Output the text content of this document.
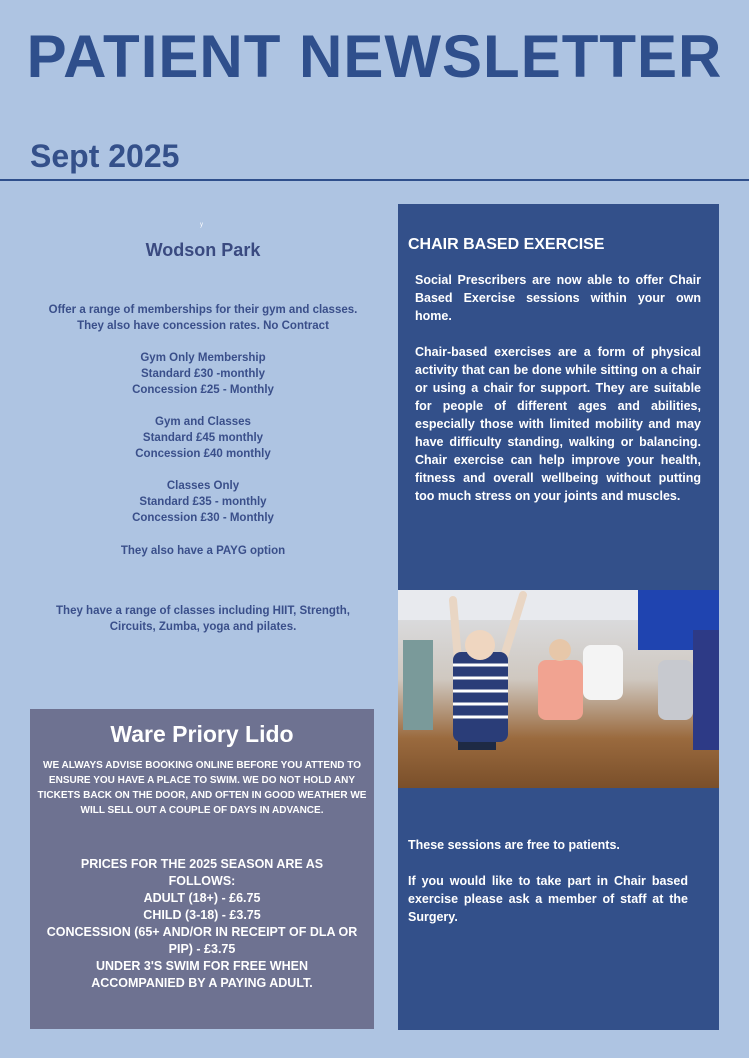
PATIENT NEWSLETTER
Sept 2025
y
Wodson Park
Offer a range of memberships for their gym and classes.
They also have concession rates. No Contract
Gym Only Membership
Standard £30 -monthly
Concession £25 - Monthly
Gym and Classes
Standard £45 monthly
Concession £40 monthly
Classes Only
Standard £35 - monthly
Concession £30 - Monthly
They also have a PAYG option
They have a range of classes including HIIT, Strength,
Circuits, Zumba, yoga and pilates.
CHAIR BASED EXERCISE
Social Prescribers are now able to offer Chair Based Exercise sessions within your own home.
Chair-based exercises are a form of physical activity that can be done while sitting on a chair or using a chair for support. They are suitable for people of different ages and abilities, especially those with limited mobility and may have difficulty standing, walking or balancing. Chair exercise can help improve your health, fitness and overall wellbeing without putting too much stress on your joints and muscles.
These sessions are free to patients.
If you would like to take part in Chair based exercise please ask a member of staff at the Surgery.
Ware Priory Lido
WE ALWAYS ADVISE BOOKING ONLINE BEFORE YOU ATTEND TO ENSURE YOU HAVE A PLACE TO SWIM. WE DO NOT HOLD ANY TICKETS BACK ON THE DOOR, AND OFTEN IN GOOD WEATHER WE WILL SELL OUT A COUPLE OF DAYS IN ADVANCE.
PRICES FOR THE 2025 SEASON ARE AS FOLLOWS:
ADULT (18+) - £6.75
CHILD (3-18) - £3.75
CONCESSION (65+ AND/OR IN RECEIPT OF DLA OR PIP) - £3.75
UNDER 3'S SWIM FOR FREE WHEN ACCOMPANIED BY A PAYING ADULT.
